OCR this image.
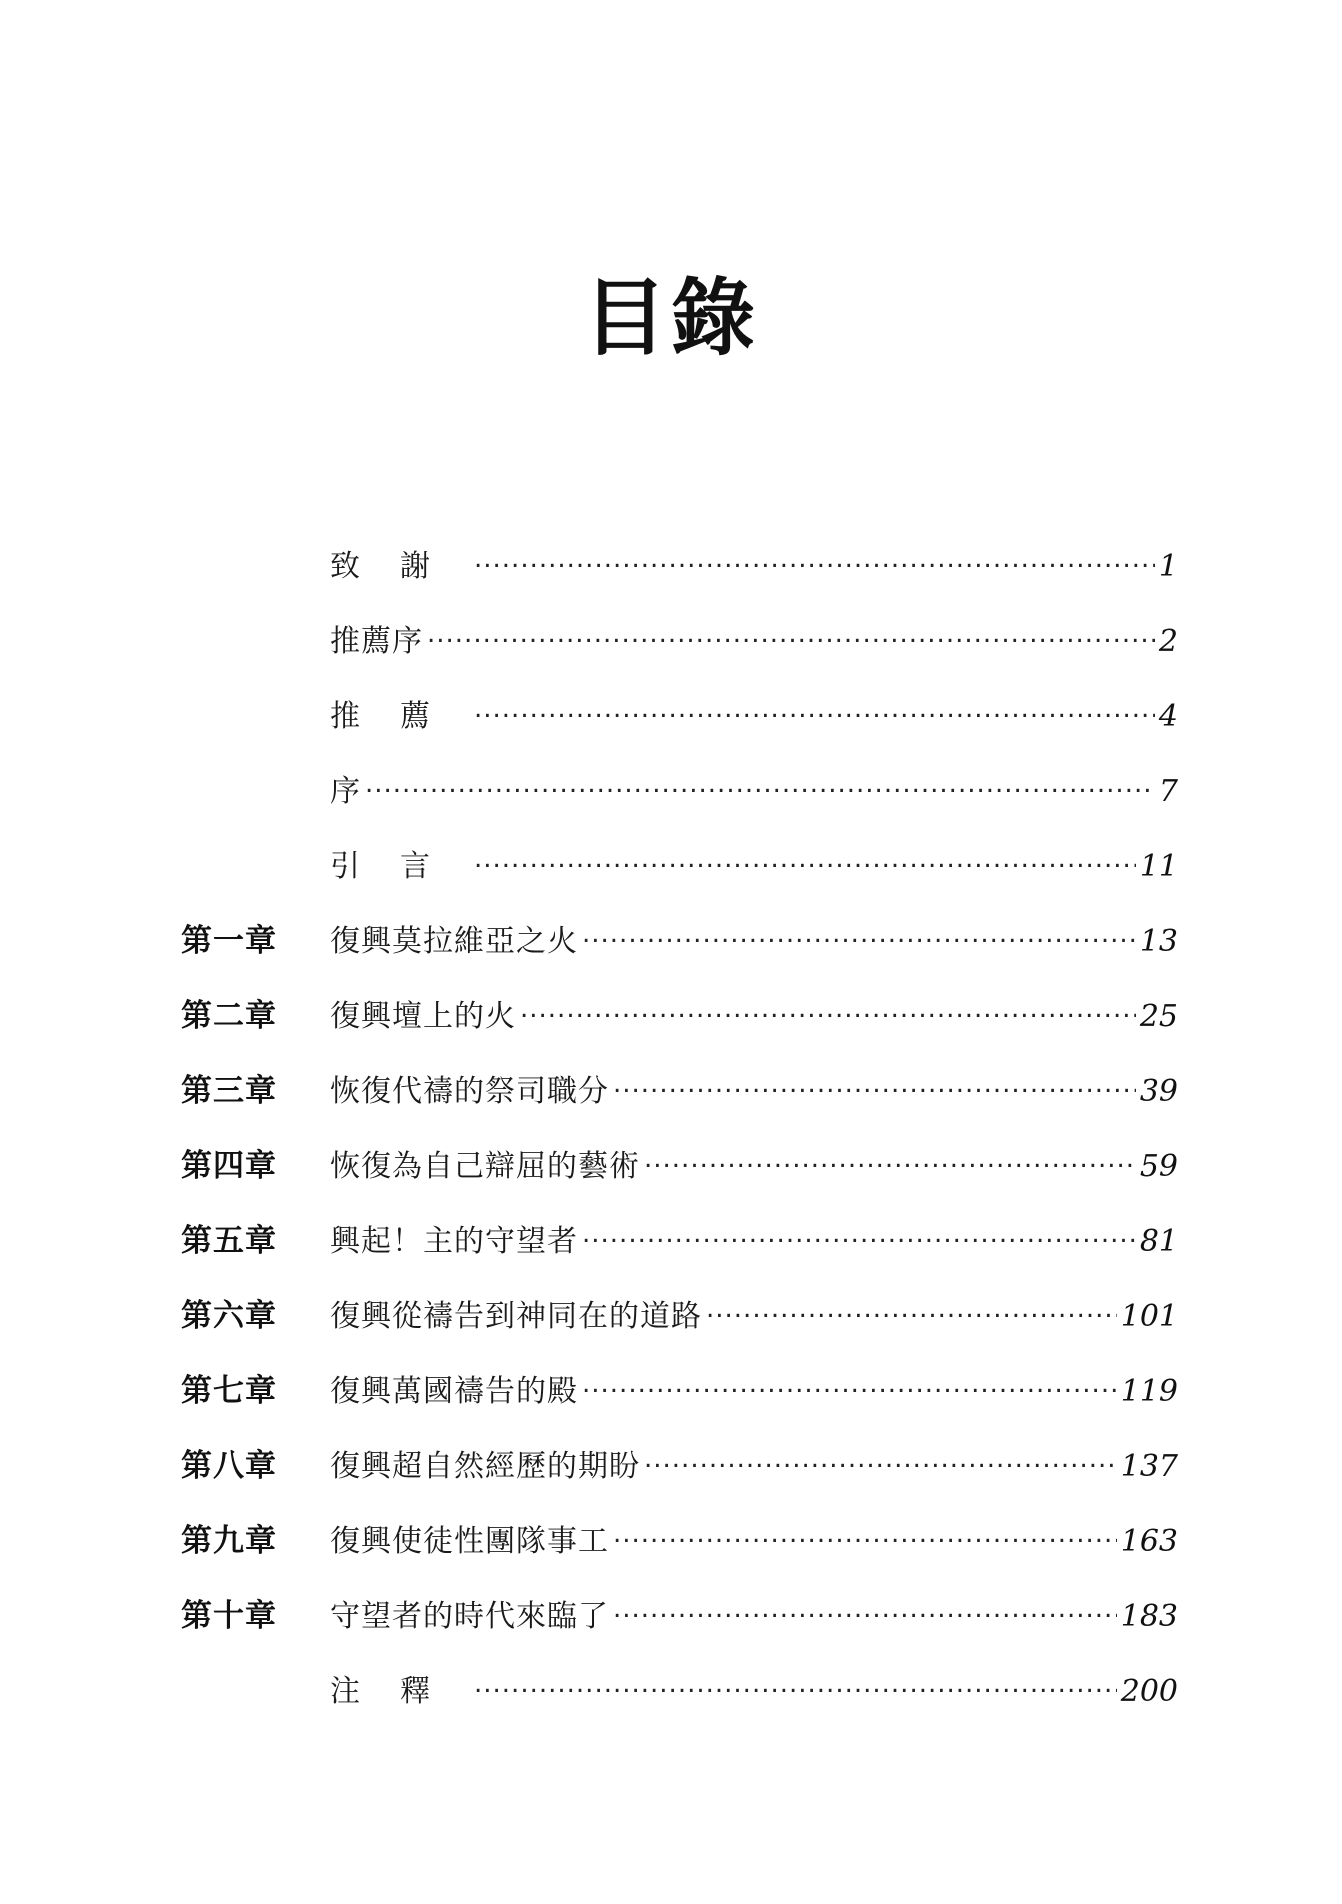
目錄
致謝 .....	1
推薦序 .....	2
推薦 .....	4
序 .....	7
引言 .....	11
第一章	復興莫拉維亞之火 .....	13
第二章	復興壇上的火 .....	25
第三章	恢復代禱的祭司職分 .....	39
第四章	恢復為自己辯屈的藝術 .....	59
第五章	興起！主的守望者 .....	81
第六章	復興從禱告到神同在的道路 .....	101
第七章	復興萬國禱告的殿 .....	119
第八章	復興超自然經歷的期盼 .....	137
第九章	復興使徒性團隊事工 .....	163
第十章	守望者的時代來臨了 .....	183
注釋 .....	200
